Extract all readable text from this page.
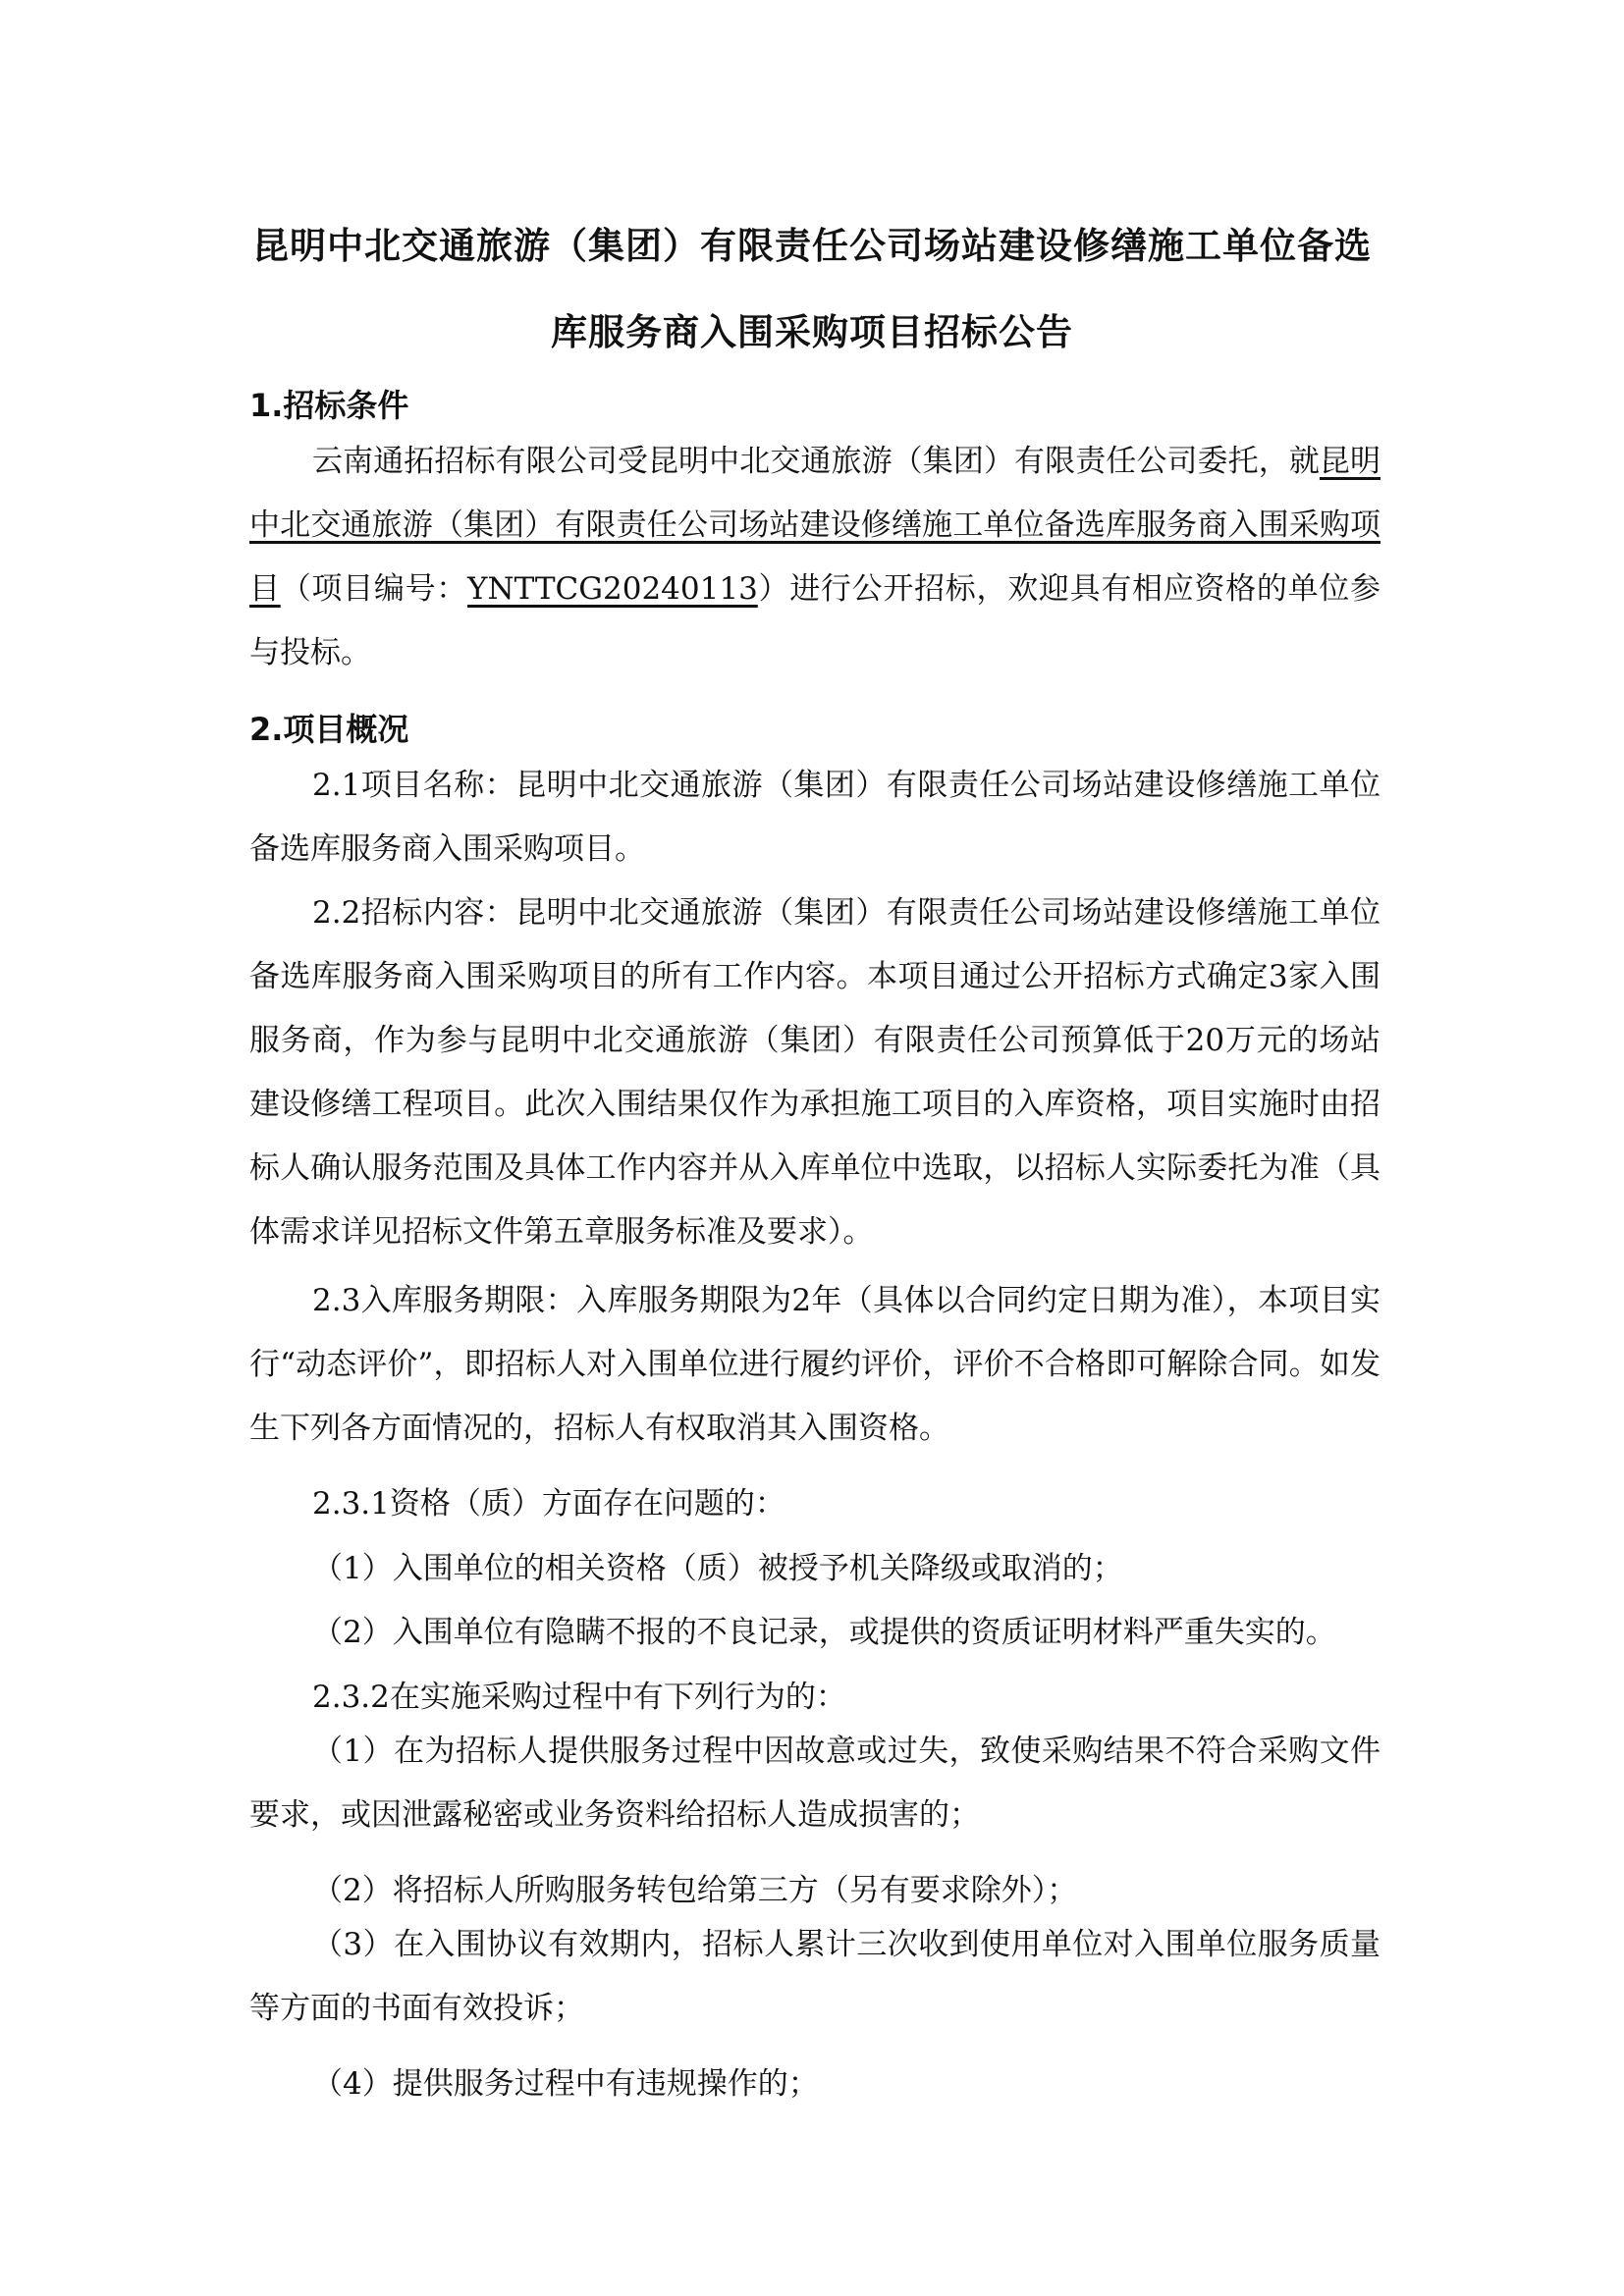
昆明中北交通旅游（集团）有限责任公司场站建设修缮施工单位备选
库服务商入围采购项目招标公告
1.招标条件

云南通拓招标有限公司受昆明中北交通旅游（集团）有限责任公司委托，就昆明中北交通旅游（集团）有限责任公司场站建设修缮施工单位备选库服务商入围采购项目（项目编号：YNTTCG20240113）进行公开招标，欢迎具有相应资格的单位参与投标。

2.项目概况

2.1项目名称：昆明中北交通旅游（集团）有限责任公司场站建设修缮施工单位备选库服务商入围采购项目。

2.2招标内容：昆明中北交通旅游（集团）有限责任公司场站建设修缮施工单位备选库服务商入围采购项目的所有工作内容。本项目通过公开招标方式确定3家入围服务商，作为参与昆明中北交通旅游（集团）有限责任公司预算低于20万元的场站建设修缮工程项目。此次入围结果仅作为承担施工项目的入库资格，项目实施时由招标人确认服务范围及具体工作内容并从入库单位中选取，以招标人实际委托为准（具体需求详见招标文件第五章服务标准及要求）。

2.3入库服务期限：入库服务期限为2年（具体以合同约定日期为准），本项目实行“动态评价”，即招标人对入围单位进行履约评价，评价不合格即可解除合同。如发生下列各方面情况的，招标人有权取消其入围资格。

2.3.1资格（质）方面存在问题的：
（1）入围单位的相关资格（质）被授予机关降级或取消的；
（2）入围单位有隐瞒不报的不良记录，或提供的资质证明材料严重失实的。
2.3.2在实施采购过程中有下列行为的：

（1）在为招标人提供服务过程中因故意或过失，致使采购结果不符合采购文件要求，或因泄露秘密或业务资料给招标人造成损害的；

（2）将招标人所购服务转包给第三方（另有要求除外）；

（3）在入围协议有效期内，招标人累计三次收到使用单位对入围单位服务质量等方面的书面有效投诉；

（4）提供服务过程中有违规操作的；
